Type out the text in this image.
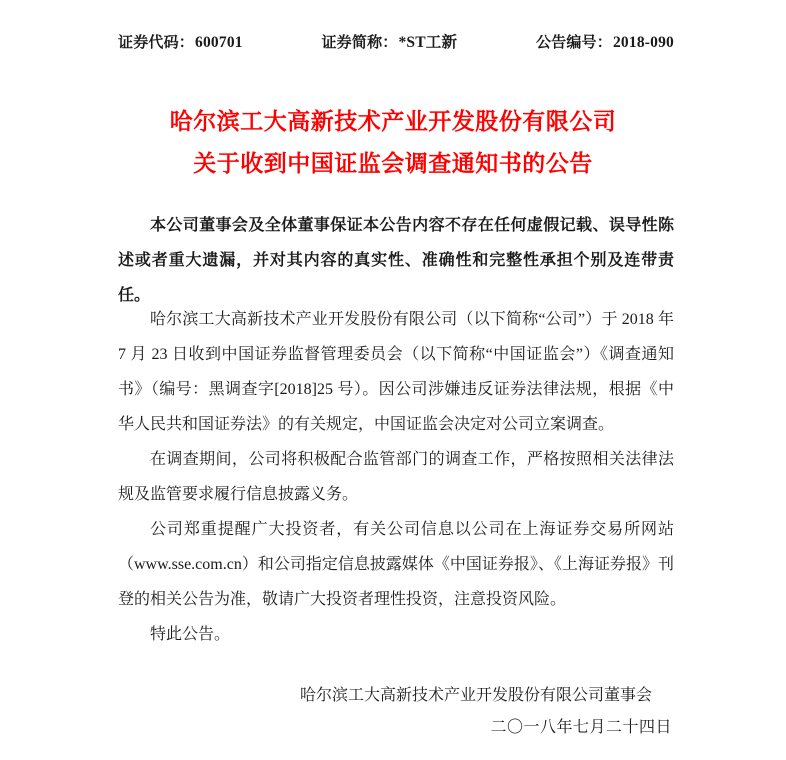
证券代码： 600701	证券简称： *ST工新	公告编号： 2018-090
哈尔滨工大高新技术产业开发股份有限公司
关于收到中国证监会调查通知书的公告
本公司董事会及全体董事保证本公告内容不存在任何虚假记载、误导性陈述或者重大遗漏，并对其内容的真实性、准确性和完整性承担个别及连带责任。

哈尔滨工大高新技术产业开发股份有限公司（以下简称“公司”）于 2018 年 7 月 23 日收到中国证券监督管理委员会（以下简称“中国证监会”）《调查通知书》（编号：黑调查字[2018]25 号）。因公司涉嫌违反证券法律法规，根据《中华人民共和国证券法》的有关规定，中国证监会决定对公司立案调查。

在调查期间，公司将积极配合监管部门的调查工作，严格按照相关法律法规及监管要求履行信息披露义务。

公司郑重提醒广大投资者，有关公司信息以公司在上海证券交易所网站（www.sse.com.cn）和公司指定信息披露媒体《中国证券报》、《上海证券报》刊登的相关公告为准，敬请广大投资者理性投资，注意投资风险。

特此公告。

哈尔滨工大高新技术产业开发股份有限公司董事会
二〇一八年七月二十四日
